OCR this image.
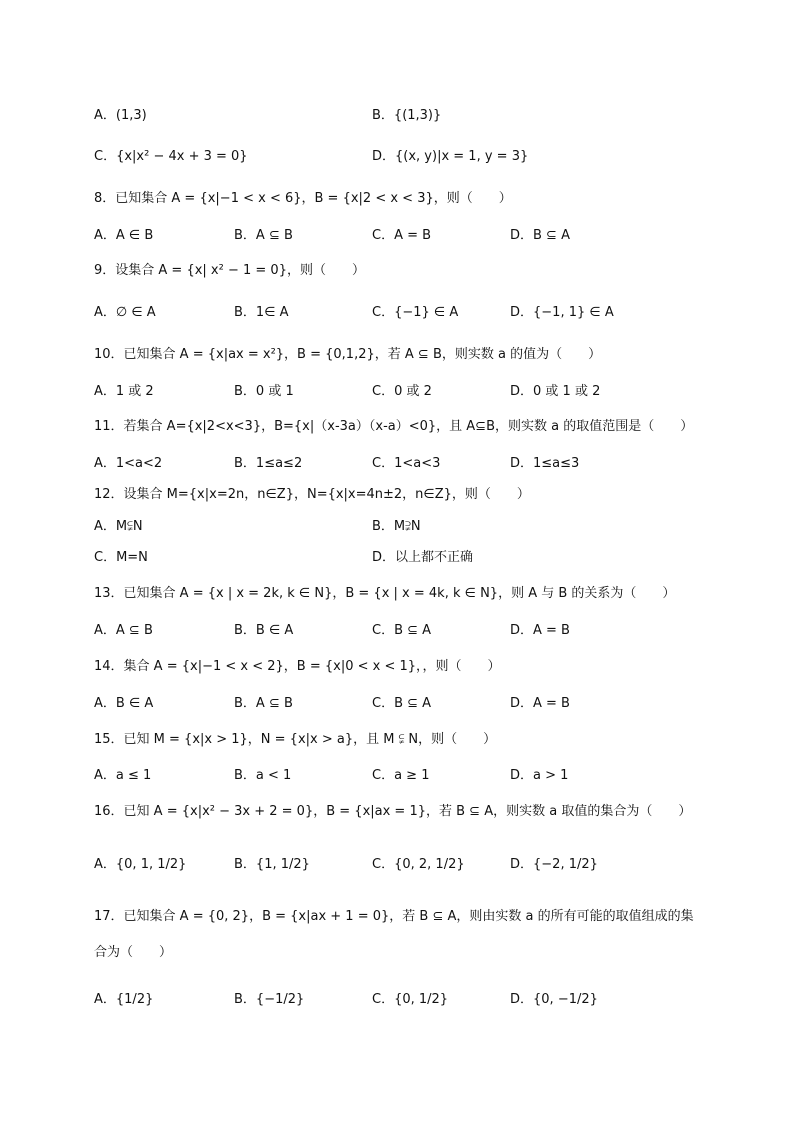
A．(1,3)	B．{(1,3)}
C．{x|x² − 4x + 3 = 0}	D．{(x, y)|x = 1, y = 3}
8．已知集合 A = {x|−1 < x < 6}，B = {x|2 < x < 3}，则（　　）
A．A ∈ B	B．A ⊆ B	C．A = B	D．B ⊆ A
9．设集合 A = {x| x² − 1 = 0}，则（　　）
A．∅ ∈ A	B．1∈ A	C．{−1} ∈ A	D．{−1, 1} ∈ A
10．已知集合 A = {x|ax = x²}，B = {0,1,2}，若 A ⊆ B，则实数 a 的值为（　　）
A．1 或 2	B．0 或 1	C．0 或 2	D．0 或 1 或 2
11．若集合 A={x|2<x<3}，B={x|（x-3a）（x-a）<0}，且 A⊆B，则实数 a 的取值范围是（　　）
A．1<a<2	B．1≤a≤2	C．1<a<3	D．1≤a≤3
12．设集合 M={x|x=2n，n∈Z}，N={x|x=4n±2，n∈Z}，则（　　）
A．M⫋N	B．M⫌N
C．M=N	D．以上都不正确
13．已知集合 A = {x | x = 2k, k ∈ N}，B = {x | x = 4k, k ∈ N}，则 A 与 B 的关系为（　　）
A．A ⊆ B	B．B ∈ A	C．B ⊆ A	D．A = B
14．集合 A = {x|−1 < x < 2}，B = {x|0 < x < 1}，，则（　　）
A．B ∈ A	B．A ⊆ B	C．B ⊆ A	D．A = B
15．已知 M = {x|x > 1}，N = {x|x > a}，且 M ⫋ N，则（　　）
A．a ≤ 1	B．a < 1	C．a ≥ 1	D．a > 1
16．已知 A = {x|x² − 3x + 2 = 0}，B = {x|ax = 1}，若 B ⊆ A，则实数 a 取值的集合为（　　）
A．{0, 1, 1/2}	B．{1, 1/2}	C．{0, 2, 1/2}	D．{−2, 1/2}
17．已知集合 A = {0, 2}，B = {x|ax + 1 = 0}，若 B ⊆ A，则由实数 a 的所有可能的取值组成的集
合为（　　）
A．{1/2}	B．{−1/2}	C．{0, 1/2}	D．{0, −1/2}
